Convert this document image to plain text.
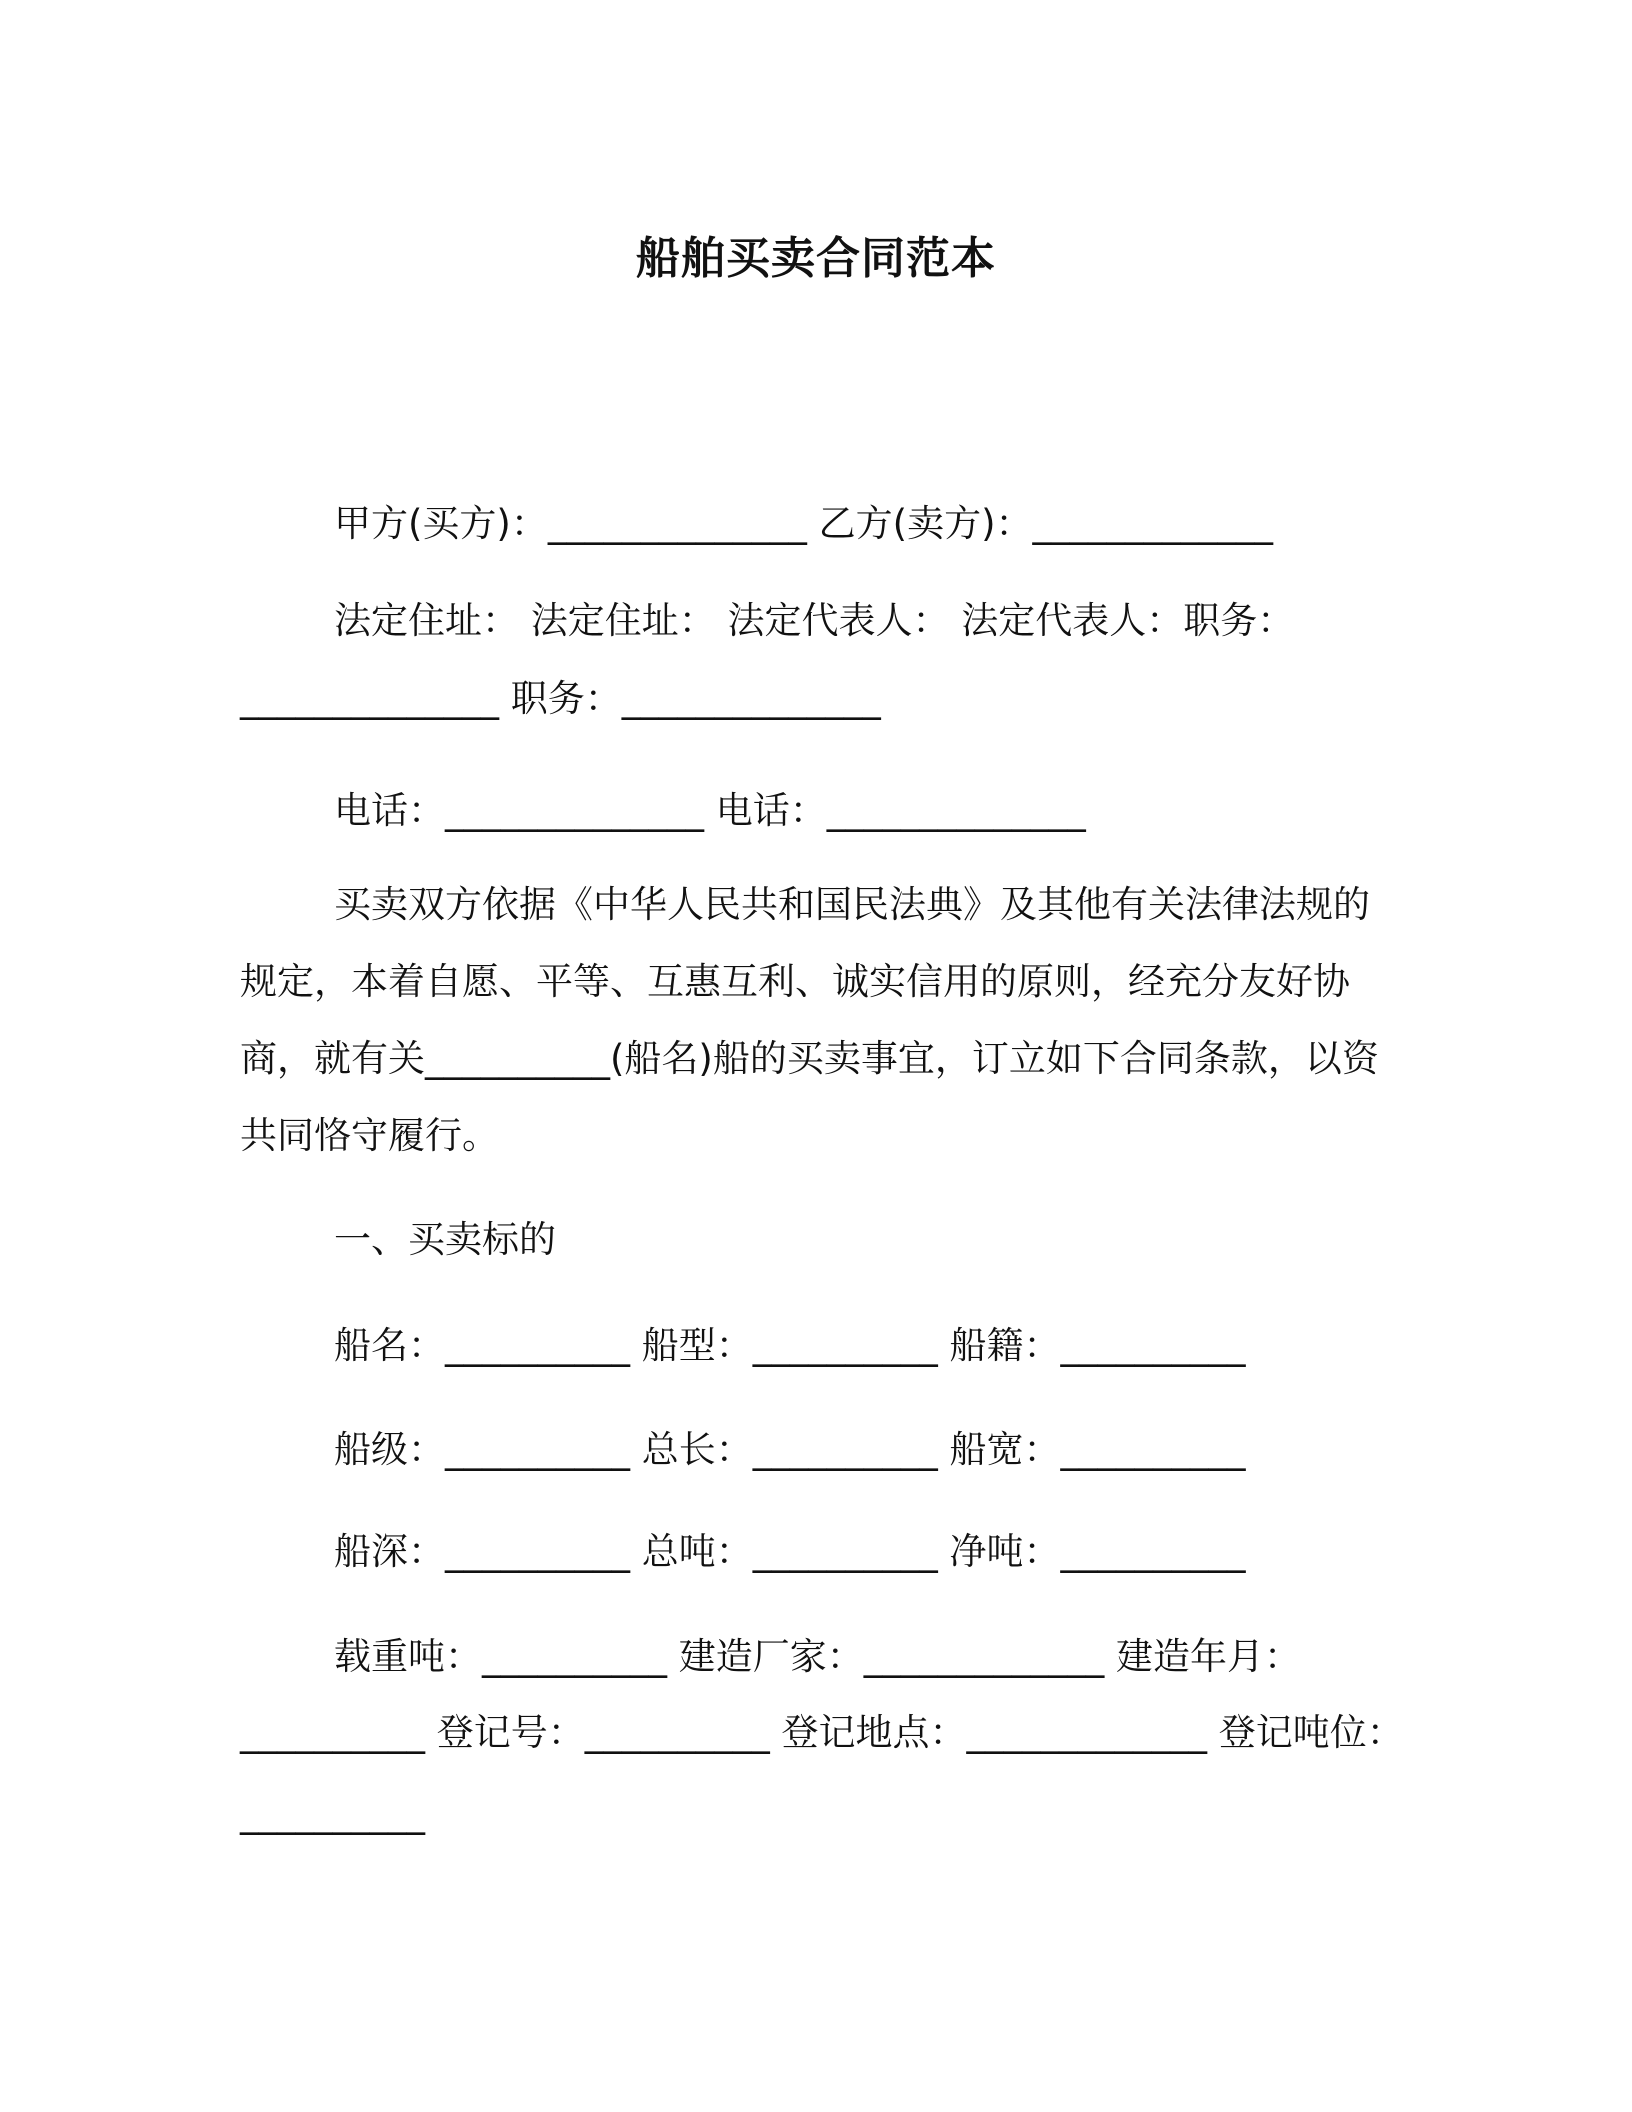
船舶买卖合同范本
甲方(买方)：______________ 乙方(卖方)：_____________
法定住址： 法定住址： 法定代表人： 法定代表人：职务：
______________ 职务：______________
电话：______________ 电话：______________
买卖双方依据《中华人民共和国民法典》及其他有关法律法规的
规定，本着自愿、平等、互惠互利、诚实信用的原则，经充分友好协
商，就有关__________(船名)船的买卖事宜，订立如下合同条款，以资
共同恪守履行。
一、买卖标的
船名：__________ 船型：__________ 船籍：__________
船级：__________ 总长：__________ 船宽：__________
船深：__________ 总吨：__________ 净吨：__________
载重吨：__________ 建造厂家：_____________ 建造年月：
__________ 登记号：__________ 登记地点：_____________ 登记吨位：
__________
